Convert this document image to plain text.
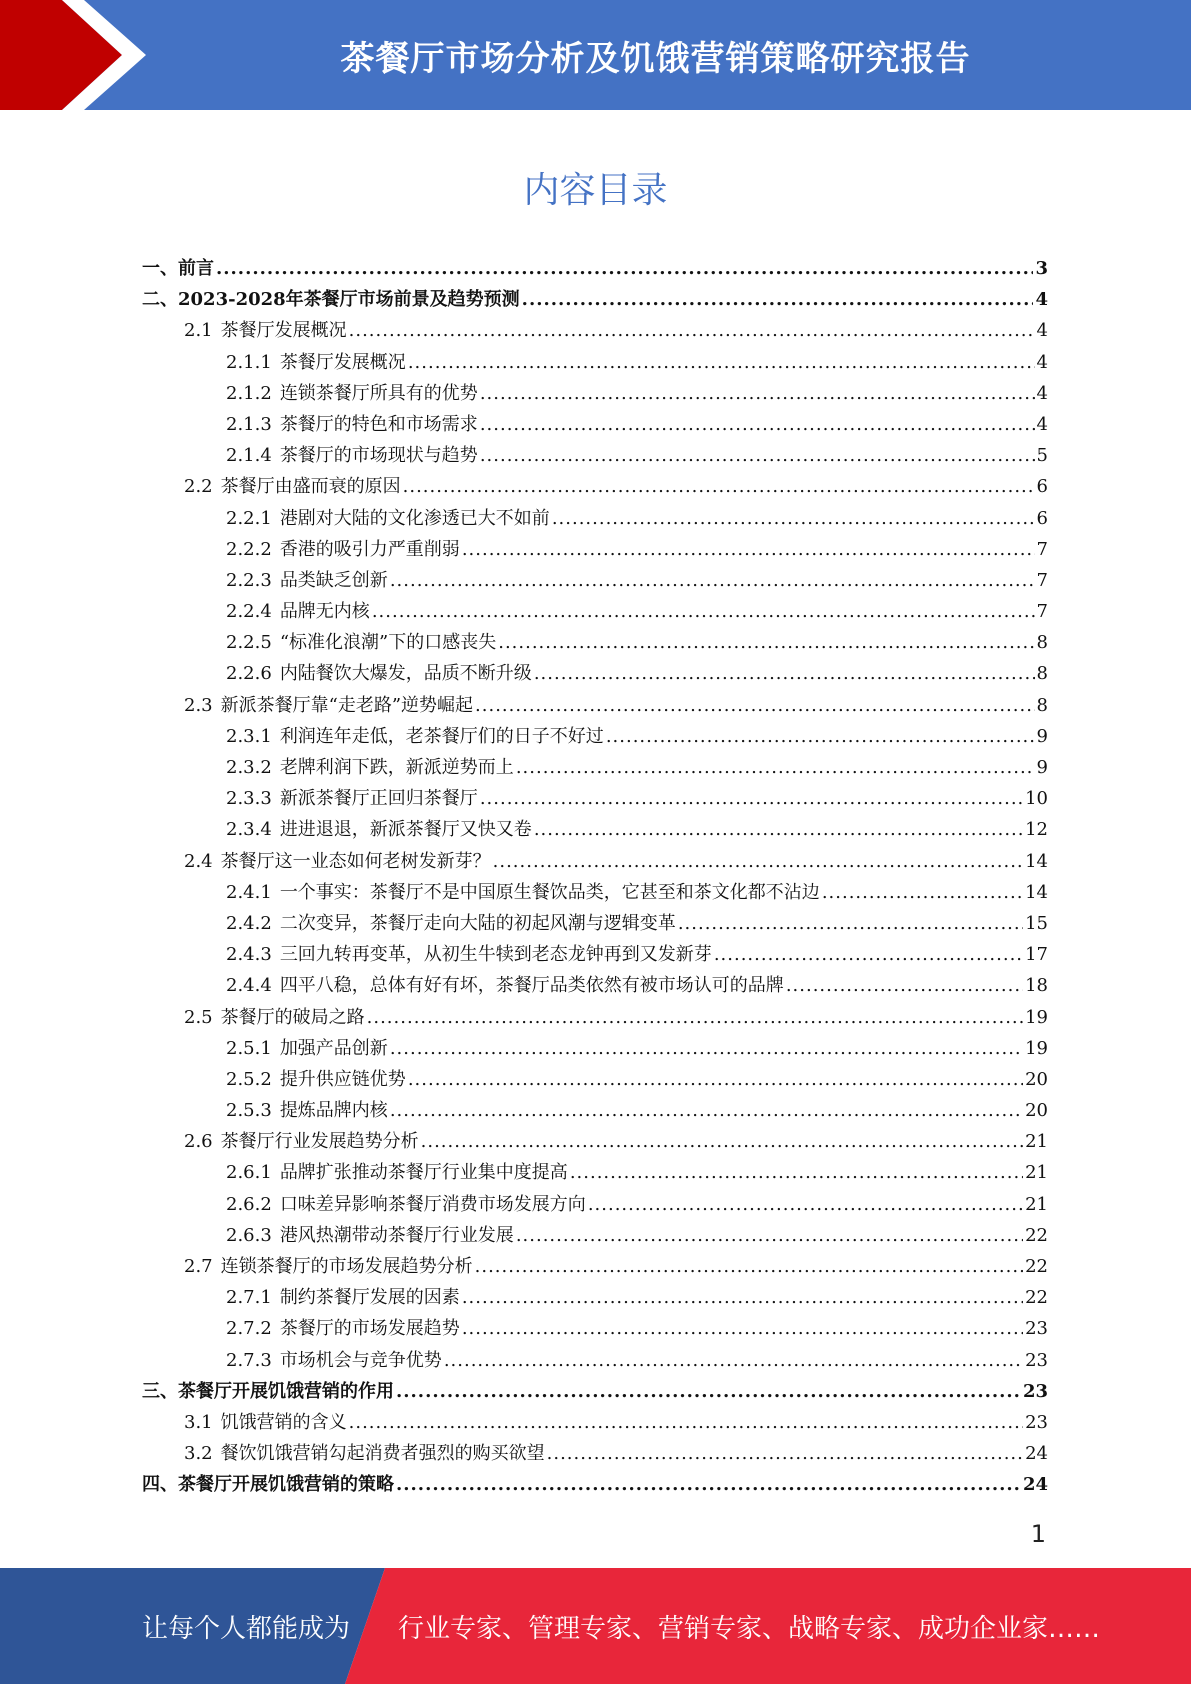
茶餐厅市场分析及饥饿营销策略研究报告
内容目录
一、 前言 .....	3
二、 2023-2028年茶餐厅市场前景及趋势预测 .....	4
2.1 茶餐厅发展概况 .....	4
2.1.1 茶餐厅发展概况 .....	4
2.1.2 连锁茶餐厅所具有的优势 .....	4
2.1.3 茶餐厅的特色和市场需求 .....	4
2.1.4 茶餐厅的市场现状与趋势 .....	5
2.2 茶餐厅由盛而衰的原因 .....	6
2.2.1 港剧对大陆的文化渗透已大不如前 .....	6
2.2.2 香港的吸引力严重削弱 .....	7
2.2.3 品类缺乏创新 .....	7
2.2.4 品牌无内核 .....	7
2.2.5 “标准化浪潮”下的口感丧失 .....	8
2.2.6 内陆餐饮大爆发，品质不断升级 .....	8
2.3 新派茶餐厅靠“走老路”逆势崛起 .....	8
2.3.1 利润连年走低，老茶餐厅们的日子不好过 .....	9
2.3.2 老牌利润下跌，新派逆势而上 .....	9
2.3.3 新派茶餐厅正回归茶餐厅 .....	10
2.3.4 进进退退，新派茶餐厅又快又卷 .....	12
2.4 茶餐厅这一业态如何老树发新芽？ .....	14
2.4.1 一个事实：茶餐厅不是中国原生餐饮品类，它甚至和茶文化都不沾边 .....	14
2.4.2 二次变异，茶餐厅走向大陆的初起风潮与逻辑变革 .....	15
2.4.3 三回九转再变革，从初生牛犊到老态龙钟再到又发新芽 .....	17
2.4.4 四平八稳，总体有好有坏，茶餐厅品类依然有被市场认可的品牌 .....	18
2.5 茶餐厅的破局之路 .....	19
2.5.1 加强产品创新 .....	19
2.5.2 提升供应链优势 .....	20
2.5.3 提炼品牌内核 .....	20
2.6 茶餐厅行业发展趋势分析 .....	21
2.6.1 品牌扩张推动茶餐厅行业集中度提高 .....	21
2.6.2 口味差异影响茶餐厅消费市场发展方向 .....	21
2.6.3 港风热潮带动茶餐厅行业发展 .....	22
2.7 连锁茶餐厅的市场发展趋势分析 .....	22
2.7.1 制约茶餐厅发展的因素 .....	22
2.7.2 茶餐厅的市场发展趋势 .....	23
2.7.3 市场机会与竞争优势 .....	23
三、 茶餐厅开展饥饿营销的作用 .....	23
3.1 饥饿营销的含义 .....	23
3.2 餐饮饥饿营销勾起消费者强烈的购买欲望 .....	24
四、 茶餐厅开展饥饿营销的策略 .....	24
1
让每个人都能成为 行业专家、管理专家、营销专家、战略专家、成功企业家……
